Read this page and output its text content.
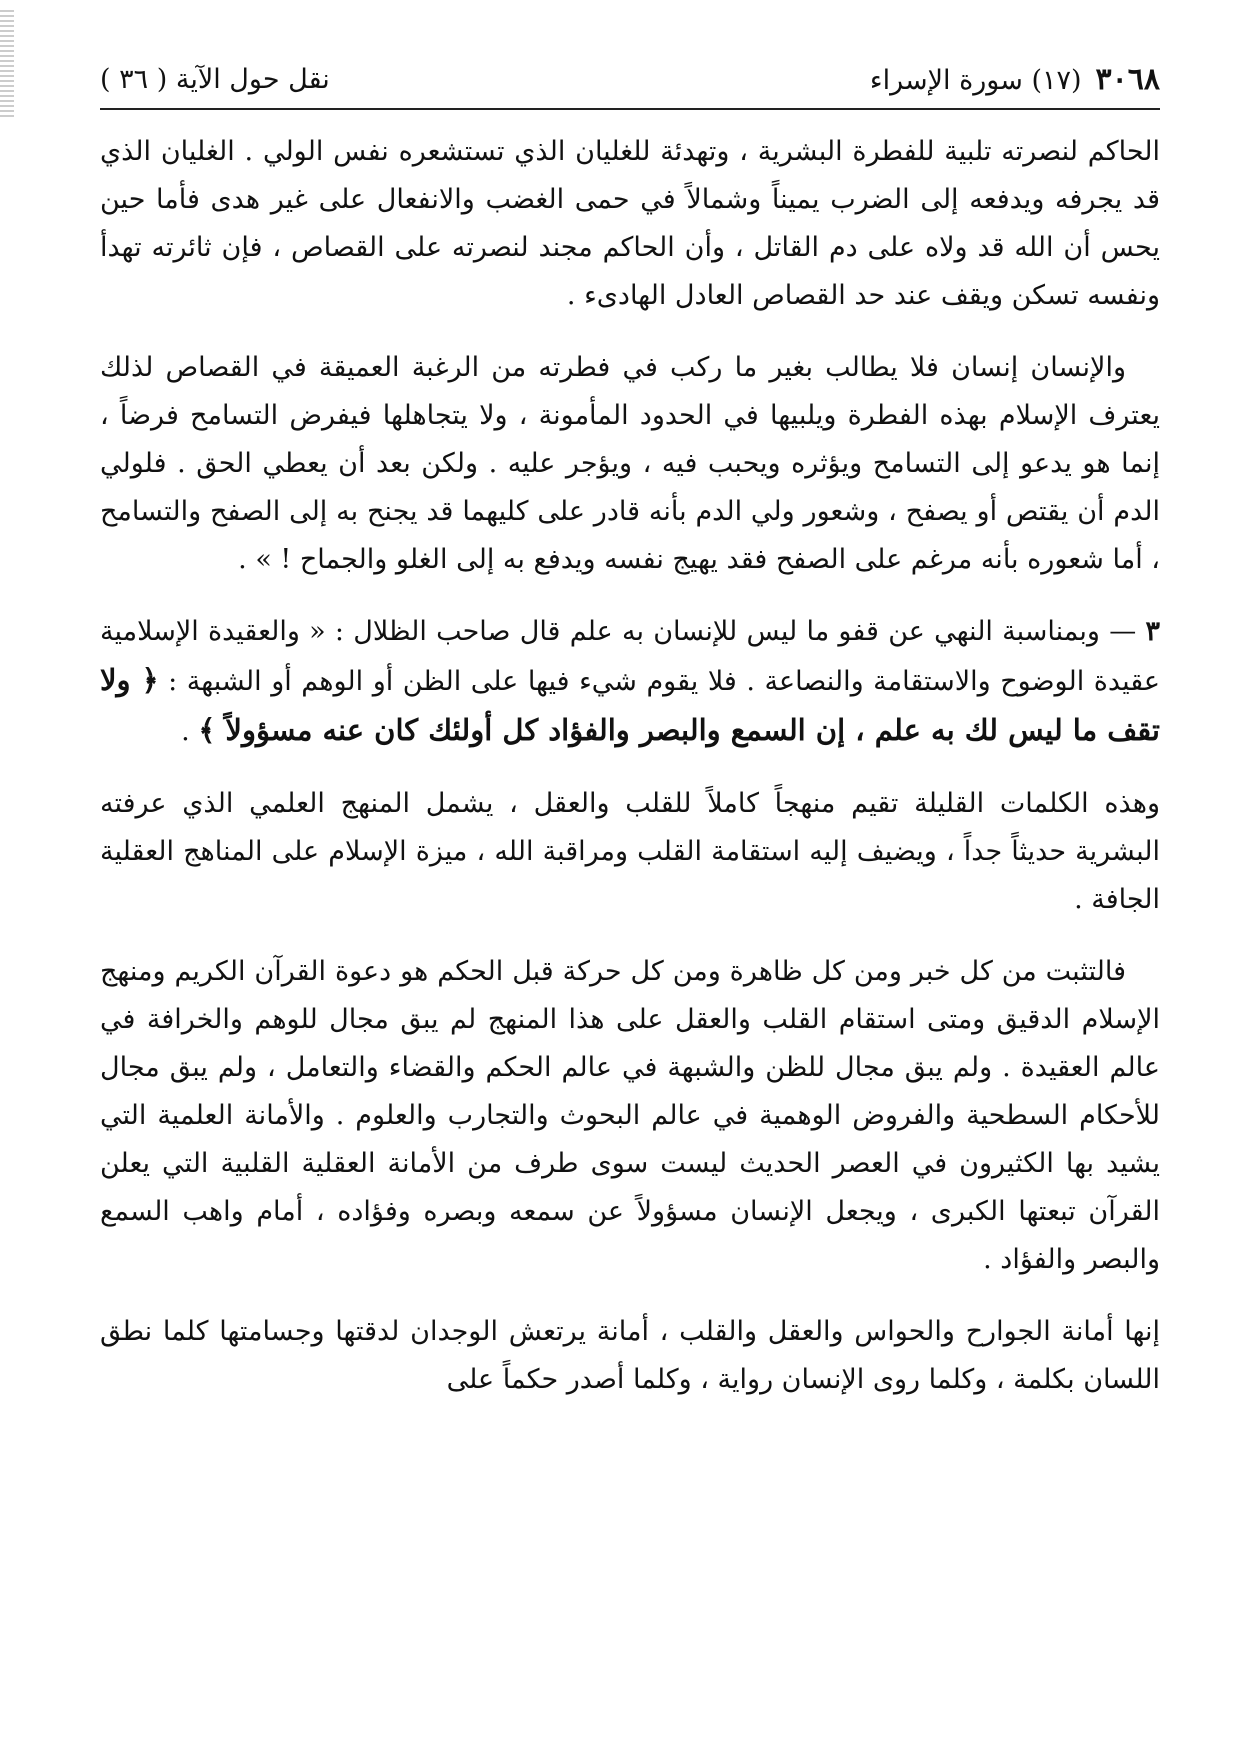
٣٠٦٨(١٧) سورة الإسراء
نقل حول الآية ( ٣٦ )

الحاكم لنصرته تلبية للفطرة البشرية ، وتهدئة للغليان الذي تستشعره نفس الولي . الغليان الذي قد يجرفه ويدفعه إلى الضرب يميناً وشمالاً في حمى الغضب والانفعال على غير هدى فأما حين يحس أن الله قد ولاه على دم القاتل ، وأن الحاكم مجند لنصرته على القصاص ، فإن ثائرته تهدأ ونفسه تسكن ويقف عند حد القصاص العادل الهادىء .

والإنسان إنسان فلا يطالب بغير ما ركب في فطرته من الرغبة العميقة في القصاص لذلك يعترف الإسلام بهذه الفطرة ويلبيها في الحدود المأمونة ، ولا يتجاهلها فيفرض التسامح فرضاً ، إنما هو يدعو إلى التسامح ويؤثره ويحبب فيه ، ويؤجر عليه . ولكن بعد أن يعطي الحق . فلولي الدم أن يقتص أو يصفح ، وشعور ولي الدم بأنه قادر على كليهما قد يجنح به إلى الصفح والتسامح ، أما شعوره بأنه مرغم على الصفح فقد يهيج نفسه ويدفع به إلى الغلو والجماح ! » .

٣ — وبمناسبة النهي عن قفو ما ليس للإنسان به علم قال صاحب الظلال : « والعقيدة الإسلامية عقيدة الوضوح والاستقامة والنصاعة . فلا يقوم شيء فيها على الظن أو الوهم أو الشبهة : ﴿ ولا تقف ما ليس لك به علم ، إن السمع والبصر والفؤاد كل أولئك كان عنه مسؤولاً ﴾ .

وهذه الكلمات القليلة تقيم منهجاً كاملاً للقلب والعقل ، يشمل المنهج العلمي الذي عرفته البشرية حديثاً جداً ، ويضيف إليه استقامة القلب ومراقبة الله ، ميزة الإسلام على المناهج العقلية الجافة .

فالتثبت من كل خبر ومن كل ظاهرة ومن كل حركة قبل الحكم هو دعوة القرآن الكريم ومنهج الإسلام الدقيق ومتى استقام القلب والعقل على هذا المنهج لم يبق مجال للوهم والخرافة في عالم العقيدة . ولم يبق مجال للظن والشبهة في عالم الحكم والقضاء والتعامل ، ولم يبق مجال للأحكام السطحية والفروض الوهمية في عالم البحوث والتجارب والعلوم . والأمانة العلمية التي يشيد بها الكثيرون في العصر الحديث ليست سوى طرف من الأمانة العقلية القلبية التي يعلن القرآن تبعتها الكبرى ، ويجعل الإنسان مسؤولاً عن سمعه وبصره وفؤاده ، أمام واهب السمع والبصر والفؤاد .

إنها أمانة الجوارح والحواس والعقل والقلب ، أمانة يرتعش الوجدان لدقتها وجسامتها كلما نطق اللسان بكلمة ، وكلما روى الإنسان رواية ، وكلما أصدر حكماً على
